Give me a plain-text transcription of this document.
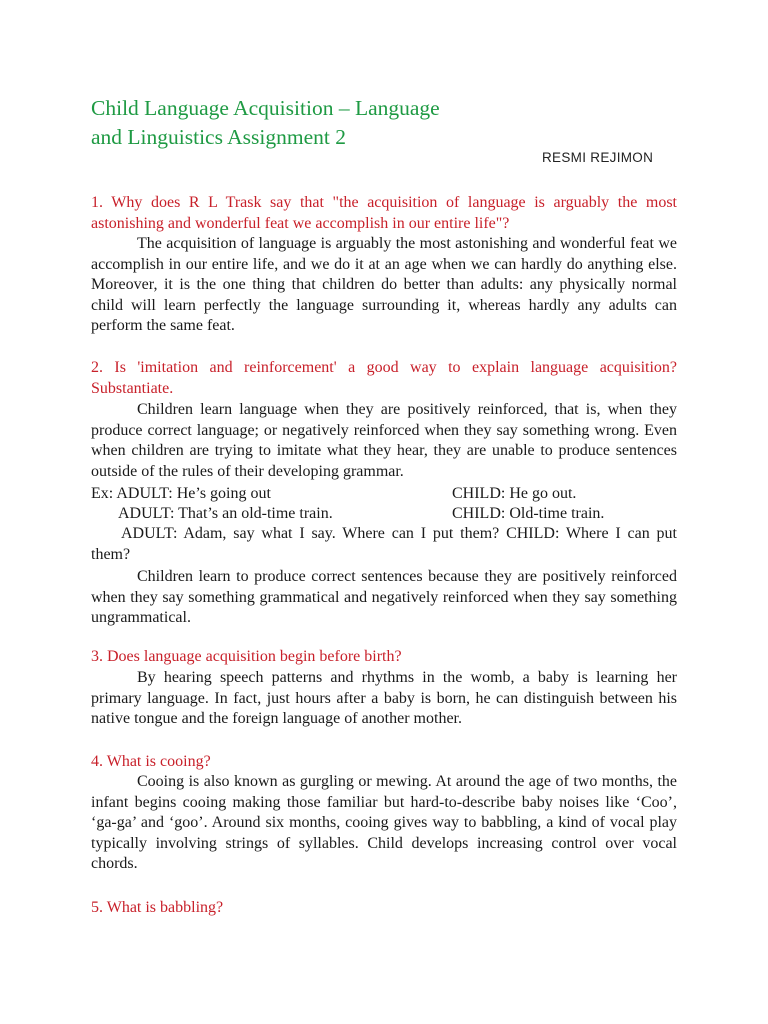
Child Language Acquisition – Language
and Linguistics Assignment 2
RESMI REJIMON
1. Why does R L Trask say that "the acquisition of language is arguably the most astonishing and wonderful feat we accomplish in our entire life"?
The acquisition of language is arguably the most astonishing and wonderful feat we accomplish in our entire life, and we do it at an age when we can hardly do anything else. Moreover, it is the one thing that children do better than adults: any physically normal child will learn perfectly the language surrounding it, whereas hardly any adults can perform the same feat.
2. Is 'imitation and reinforcement' a good way to explain language acquisition? Substantiate.
Children learn language when they are positively reinforced, that is, when they produce correct language; or negatively reinforced when they say something wrong. Even when children are trying to imitate what they hear, they are unable to produce sentences outside of the rules of their developing grammar.
Ex: ADULT: He’s going out	CHILD: He go out.
ADULT: That’s an old-time train.	CHILD: Old-time train.
ADULT: Adam, say what I say. Where can I put them? CHILD: Where I can put them?
Children learn to produce correct sentences because they are positively reinforced when they say something grammatical and negatively reinforced when they say something ungrammatical.
3. Does language acquisition begin before birth?
By hearing speech patterns and rhythms in the womb, a baby is learning her primary language. In fact, just hours after a baby is born, he can distinguish between his native tongue and the foreign language of another mother.
4. What is cooing?
Cooing is also known as gurgling or mewing. At around the age of two months, the infant begins cooing making those familiar but hard-to-describe baby noises like ‘Coo’, ‘ga-ga’ and ‘goo’. Around six months, cooing gives way to babbling, a kind of vocal play typically involving strings of syllables. Child develops increasing control over vocal chords.
5. What is babbling?
